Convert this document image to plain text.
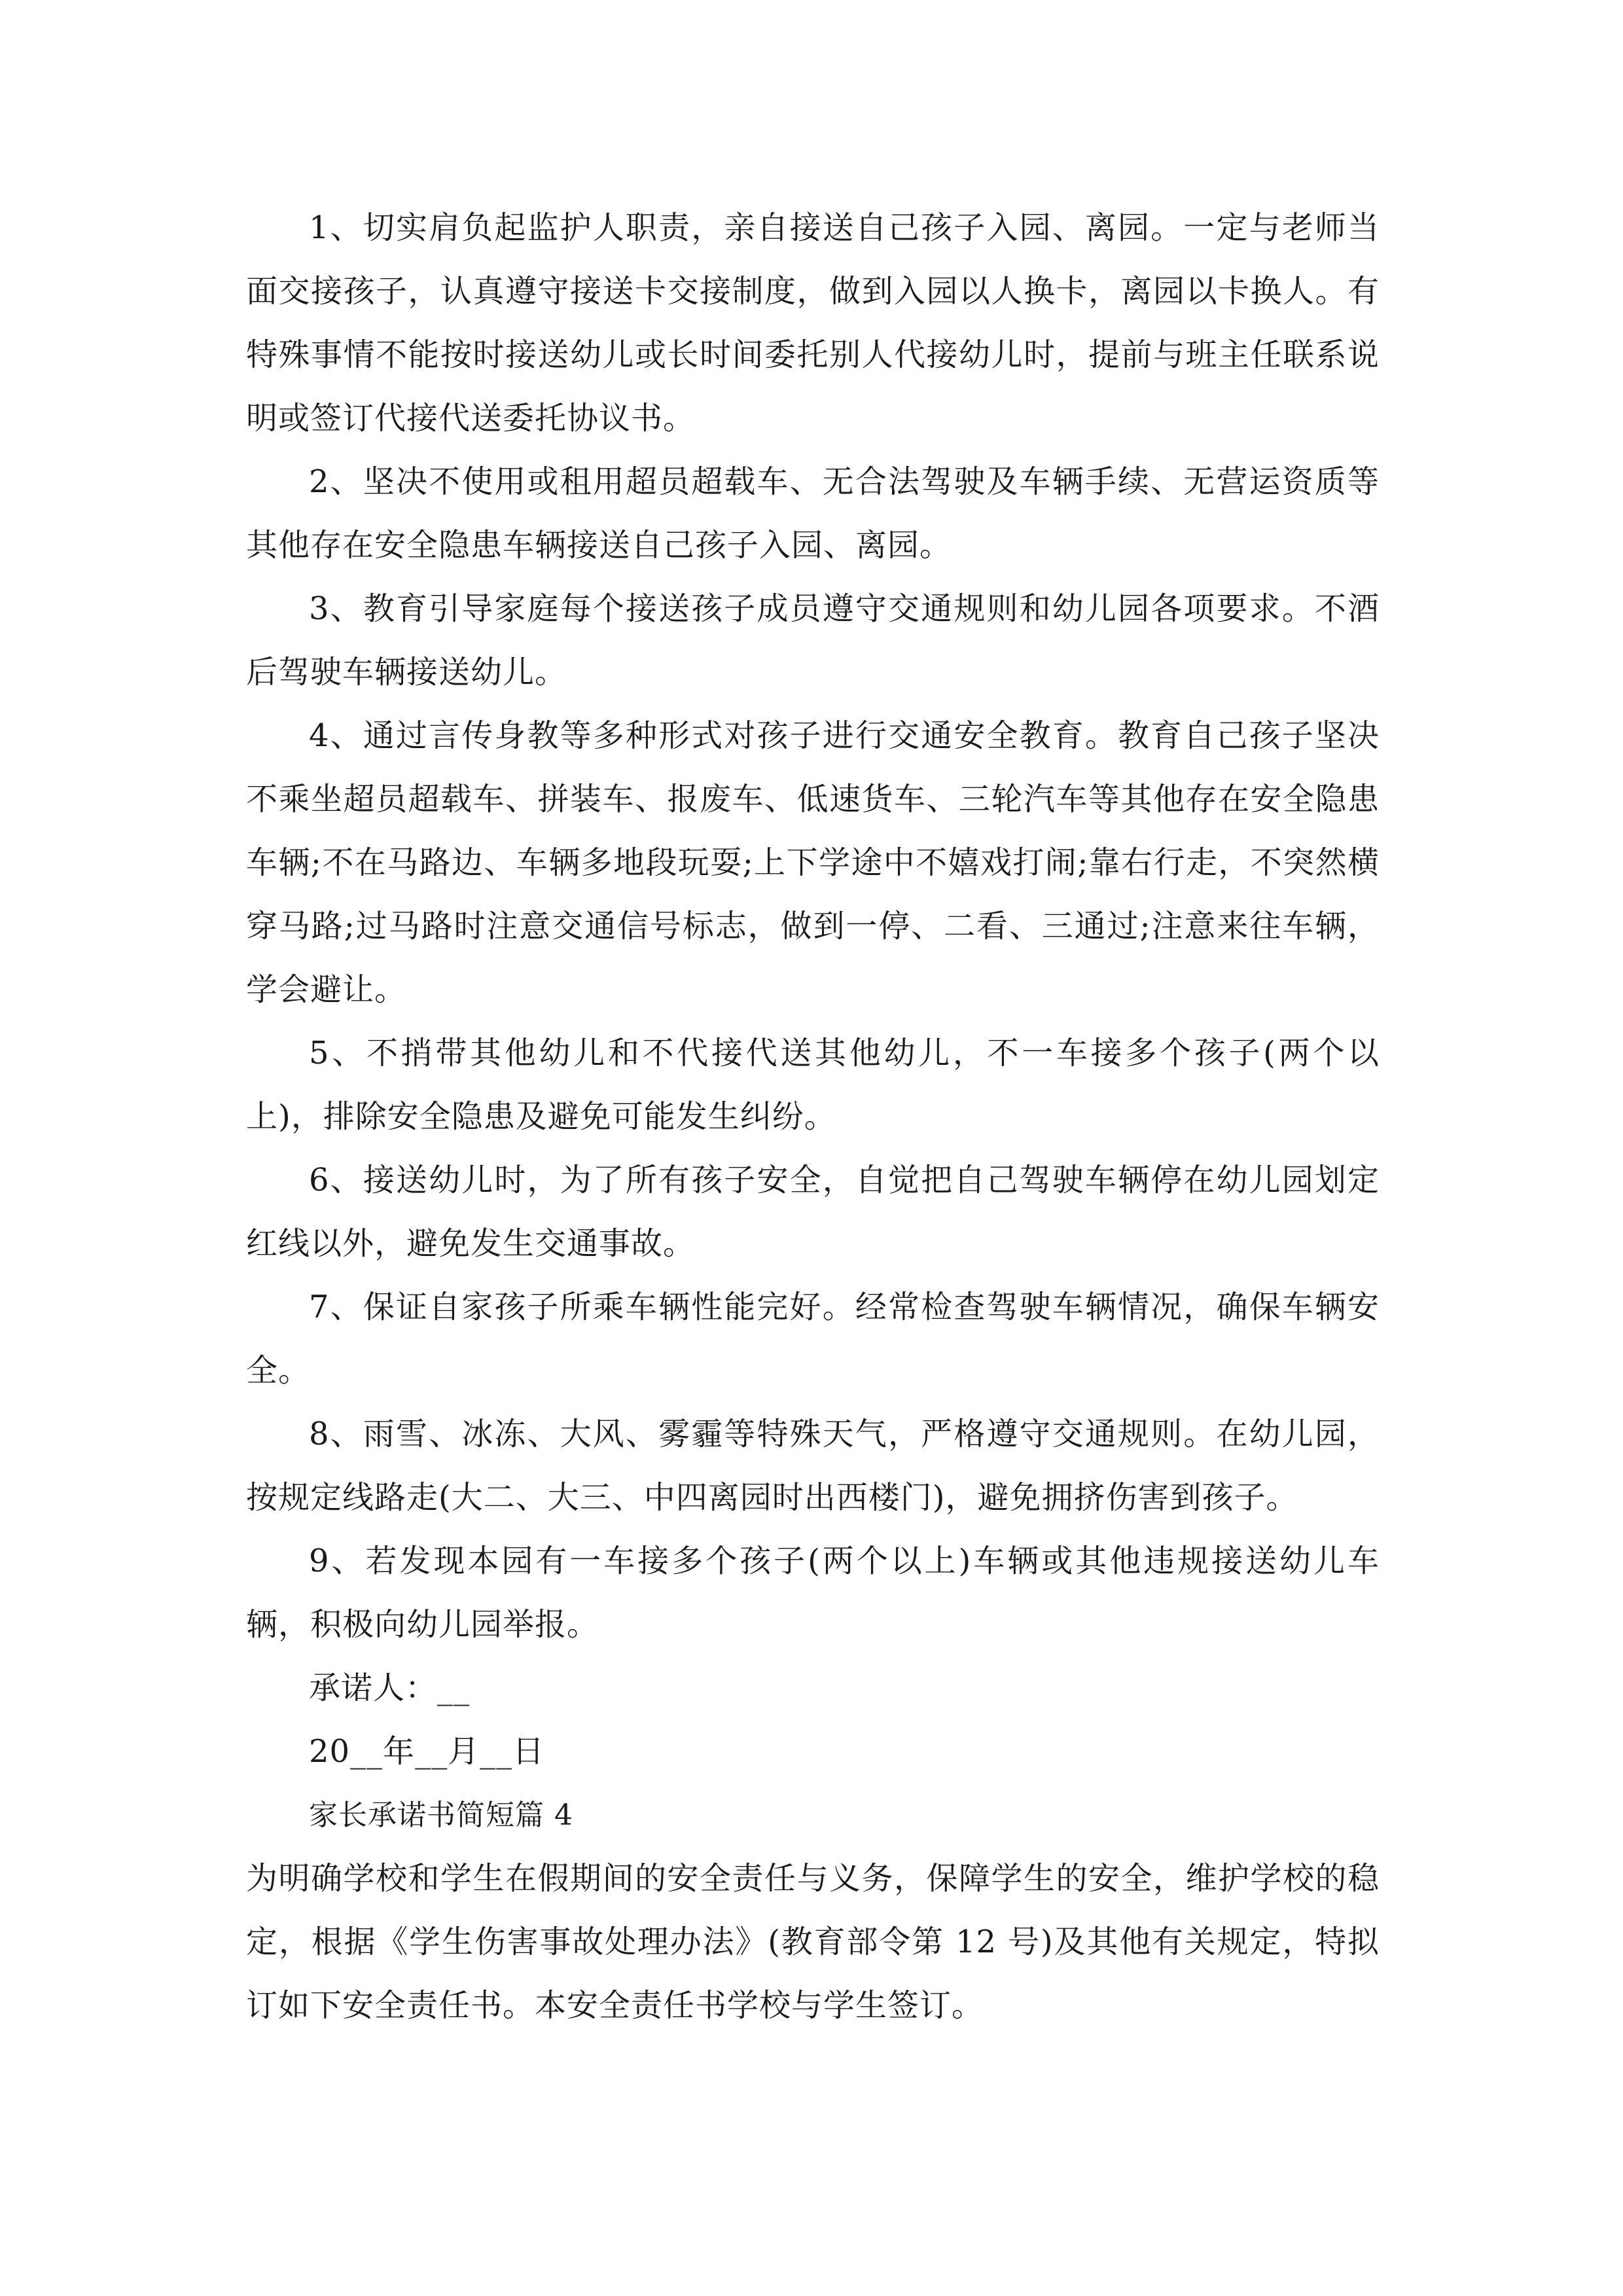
1、切实肩负起监护人职责，亲自接送自己孩子入园、离园。一定与老师当面交接孩子，认真遵守接送卡交接制度，做到入园以人换卡，离园以卡换人。有特殊事情不能按时接送幼儿或长时间委托别人代接幼儿时，提前与班主任联系说明或签订代接代送委托协议书。

2、坚决不使用或租用超员超载车、无合法驾驶及车辆手续、无营运资质等其他存在安全隐患车辆接送自己孩子入园、离园。

3、教育引导家庭每个接送孩子成员遵守交通规则和幼儿园各项要求。不酒后驾驶车辆接送幼儿。

4、通过言传身教等多种形式对孩子进行交通安全教育。教育自己孩子坚决不乘坐超员超载车、拼装车、报废车、低速货车、三轮汽车等其他存在安全隐患车辆;不在马路边、车辆多地段玩耍;上下学途中不嬉戏打闹;靠右行走，不突然横穿马路;过马路时注意交通信号标志，做到一停、二看、三通过;注意来往车辆，学会避让。

5、不捎带其他幼儿和不代接代送其他幼儿，不一车接多个孩子(两个以上)，排除安全隐患及避免可能发生纠纷。

6、接送幼儿时，为了所有孩子安全，自觉把自己驾驶车辆停在幼儿园划定红线以外，避免发生交通事故。

7、保证自家孩子所乘车辆性能完好。经常检查驾驶车辆情况，确保车辆安全。

8、雨雪、冰冻、大风、雾霾等特殊天气，严格遵守交通规则。在幼儿园，按规定线路走(大二、大三、中四离园时出西楼门)，避免拥挤伤害到孩子。

9、若发现本园有一车接多个孩子(两个以上)车辆或其他违规接送幼儿车辆，积极向幼儿园举报。

承诺人：__

20__年__月__日

家长承诺书简短篇 4

为明确学校和学生在假期间的安全责任与义务，保障学生的安全，维护学校的稳定，根据《学生伤害事故处理办法》(教育部令第 12 号)及其他有关规定，特拟订如下安全责任书。本安全责任书学校与学生签订。
